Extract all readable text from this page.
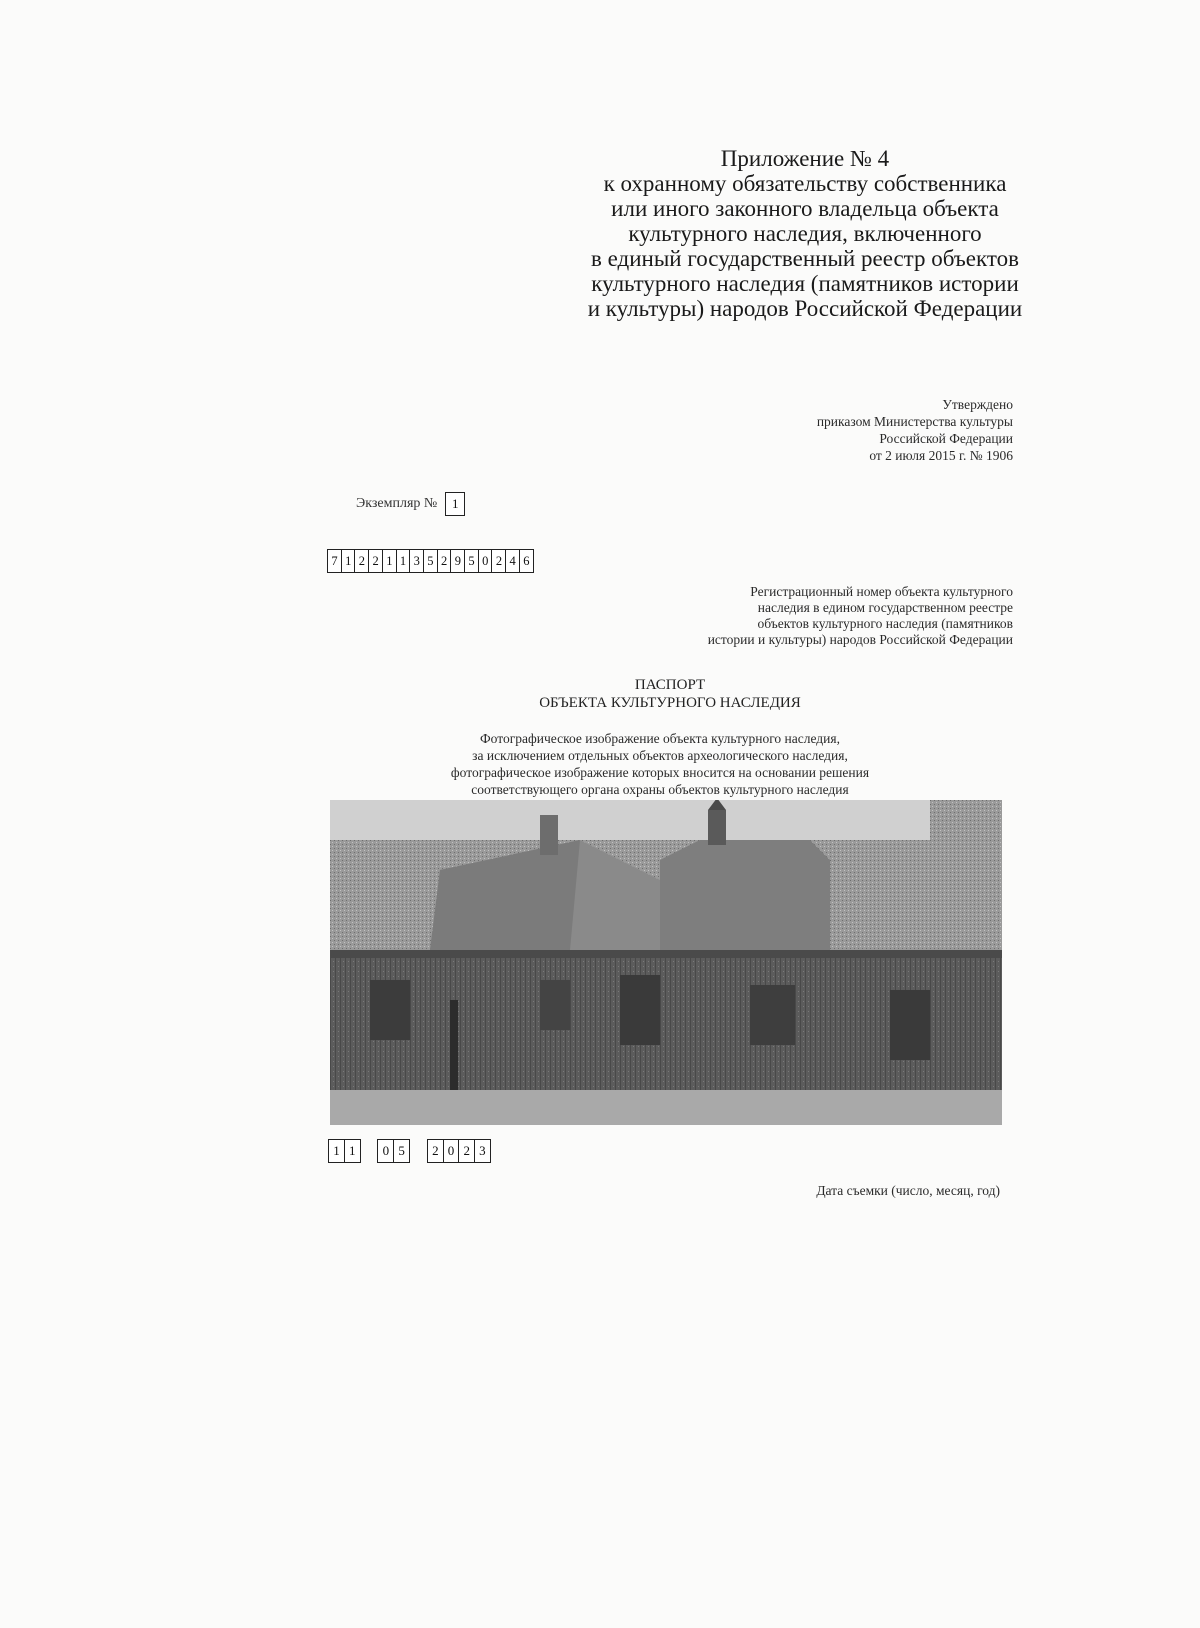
Приложение № 4
к охранному обязательству собственника
или иного законного владельца объекта
культурного наследия, включенного
в единый государственный реестр объектов
культурного наследия (памятников истории
и культуры) народов Российской Федерации
Утверждено
приказом Министерства культуры
Российской Федерации
от 2 июля 2015 г. № 1906
Экземпляр №	1
7 1 2 2 1 1 3 5 2 9 5 0 2 4 6
Регистрационный номер объекта культурного
наследия в едином государственном реестре
объектов культурного наследия (памятников
истории и культуры) народов Российской Федерации
ПАСПОРТ
ОБЪЕКТА КУЛЬТУРНОГО НАСЛЕДИЯ
Фотографическое изображение объекта культурного наследия,
за исключением отдельных объектов археологического наследия,
фотографическое изображение которых вносится на основании решения
соответствующего органа охраны объектов культурного наследия
1 1	0 5	2 0 2 3
Дата съемки (число, месяц, год)
